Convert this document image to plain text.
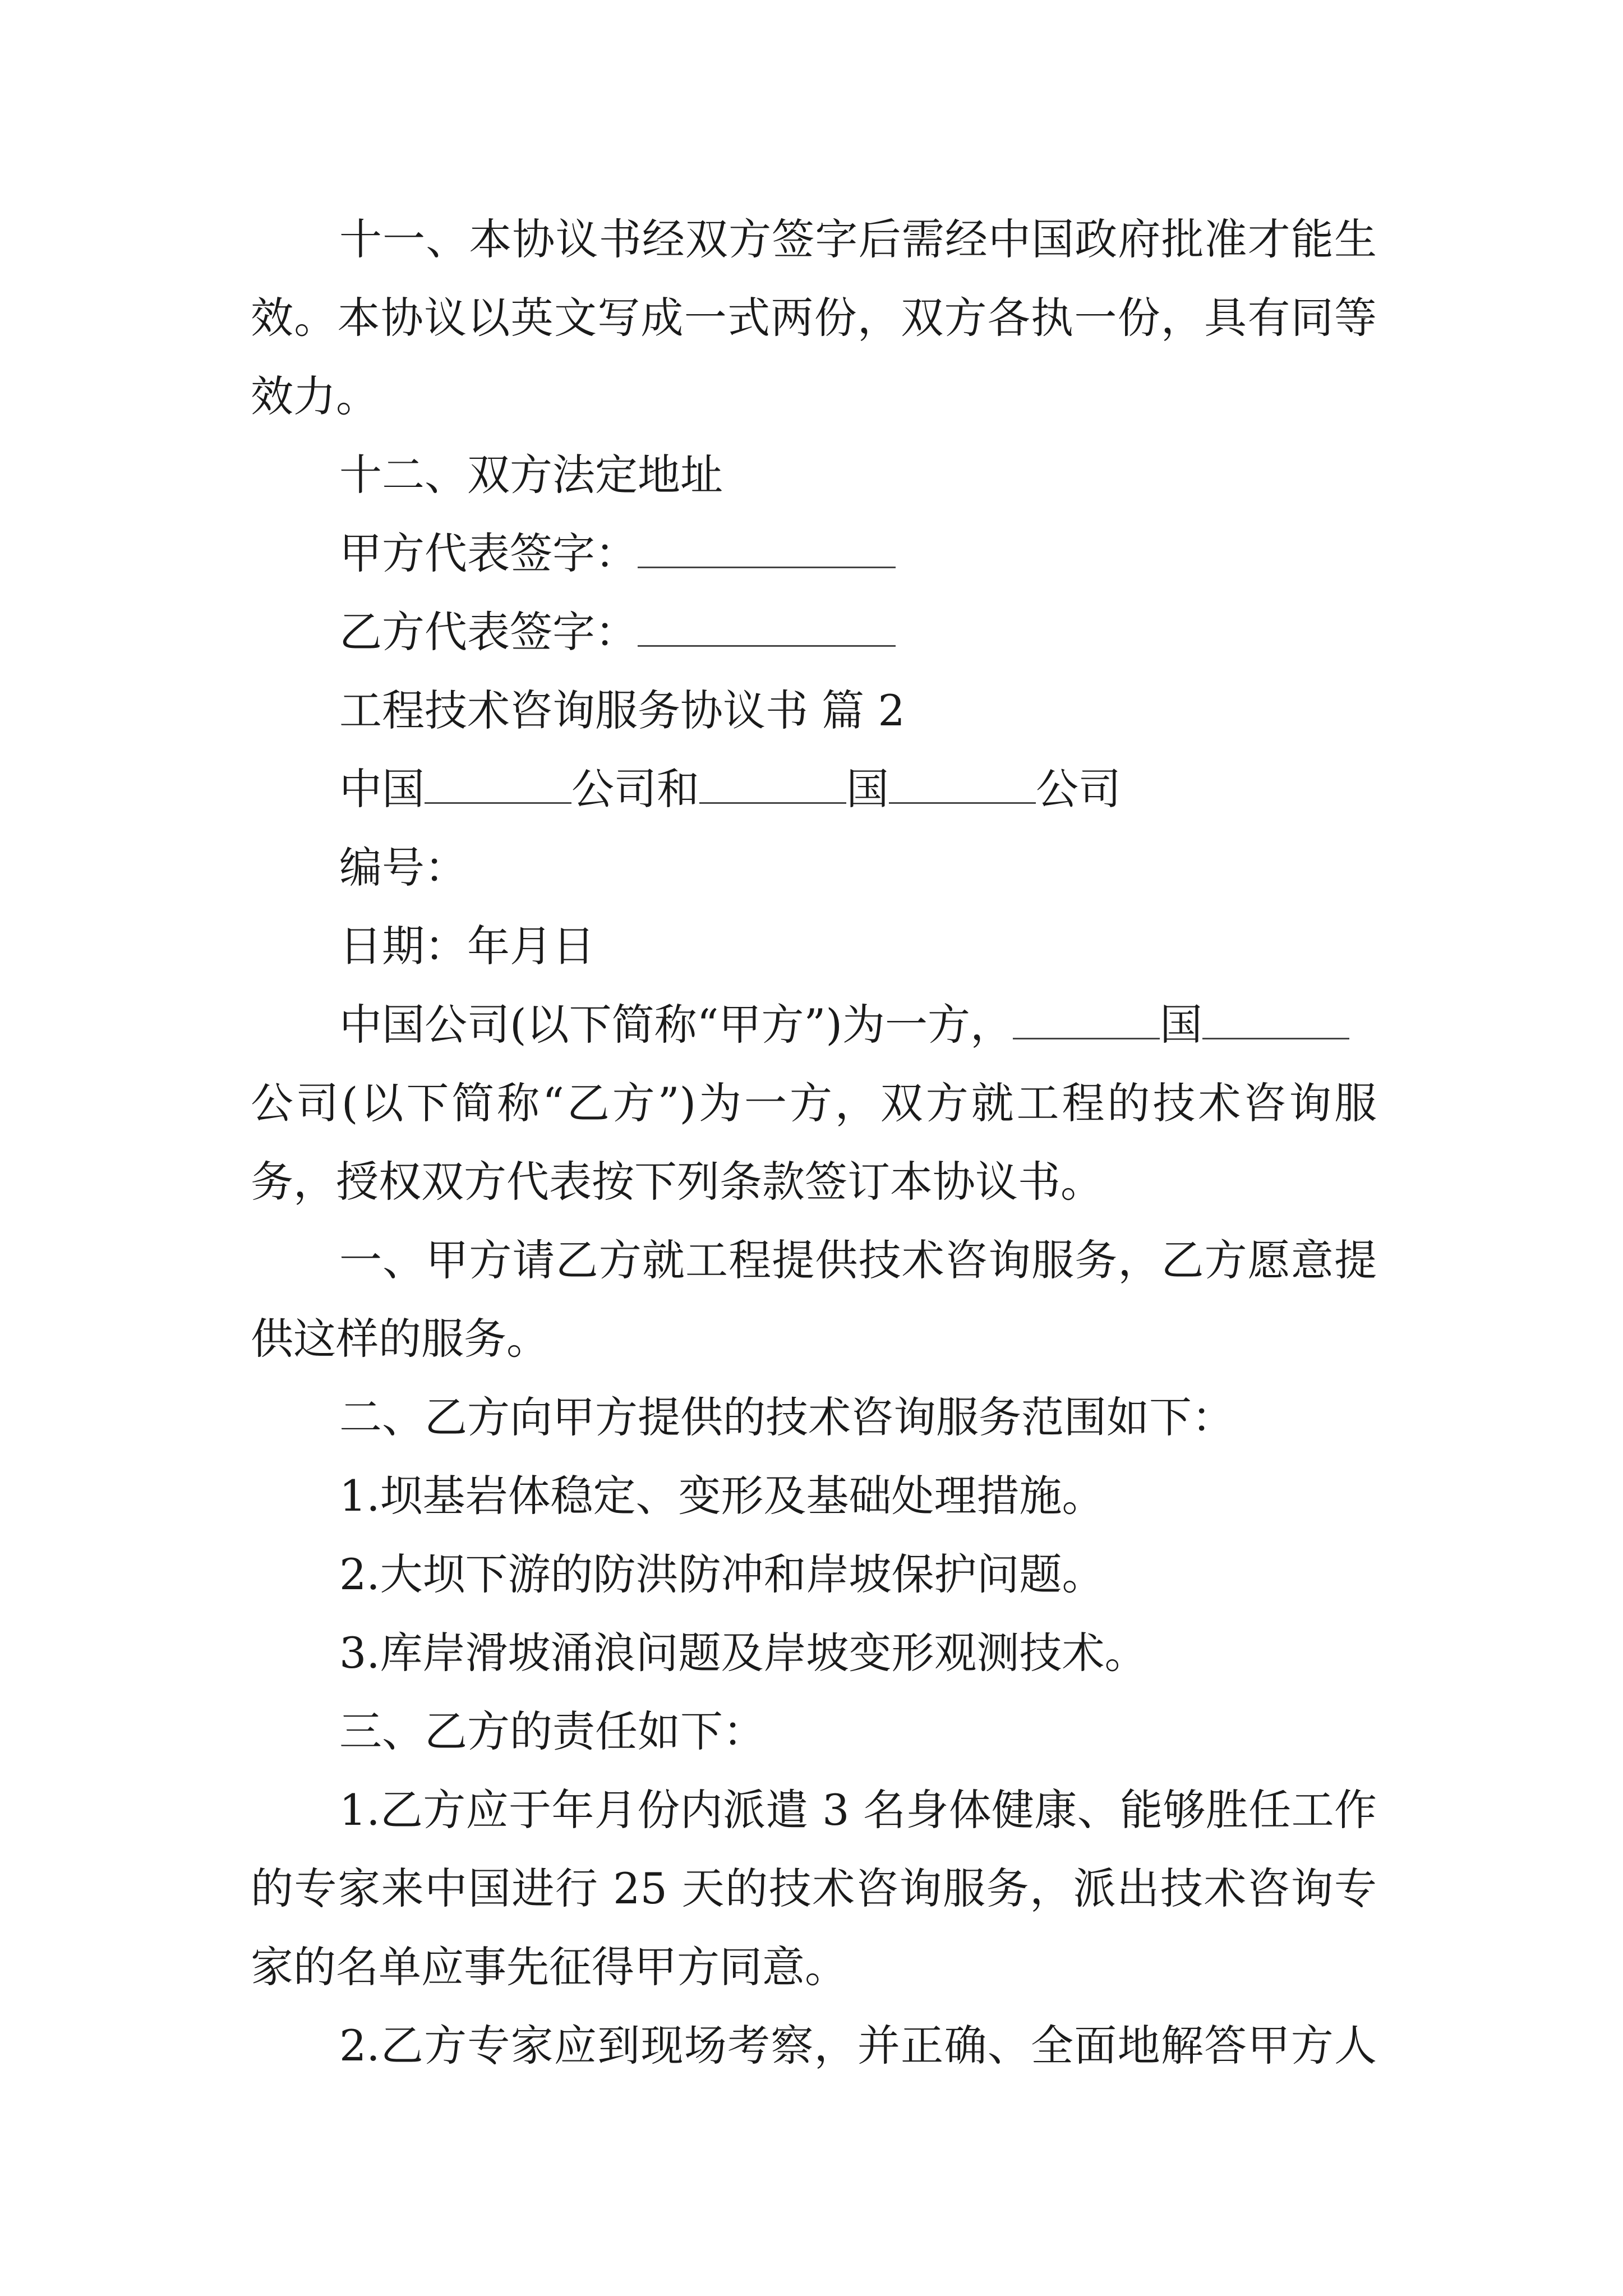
十一、本协议书经双方签字后需经中国政府批准才能生

效。本协议以英文写成一式两份，双方各执一份，具有同等

效力。

十二、双方法定地址

甲方代表签字：

乙方代表签字：

工程技术咨询服务协议书 篇 2

中国	公司和	国	公司

编号：

日期：年月日

中国公司(以下简称“甲方”)为一方，	国

公司(以下简称“乙方”)为一方，双方就工程的技术咨询服

务，授权双方代表按下列条款签订本协议书。

一、甲方请乙方就工程提供技术咨询服务，乙方愿意提

供这样的服务。

二、乙方向甲方提供的技术咨询服务范围如下：

1.坝基岩体稳定、变形及基础处理措施。

2.大坝下游的防洪防冲和岸坡保护问题。

3.库岸滑坡涌浪问题及岸坡变形观测技术。

三、乙方的责任如下：

1.乙方应于年月份内派遣 3 名身体健康、能够胜任工作

的专家来中国进行 25 天的技术咨询服务，派出技术咨询专

家的名单应事先征得甲方同意。

2.乙方专家应到现场考察，并正确、全面地解答甲方人
